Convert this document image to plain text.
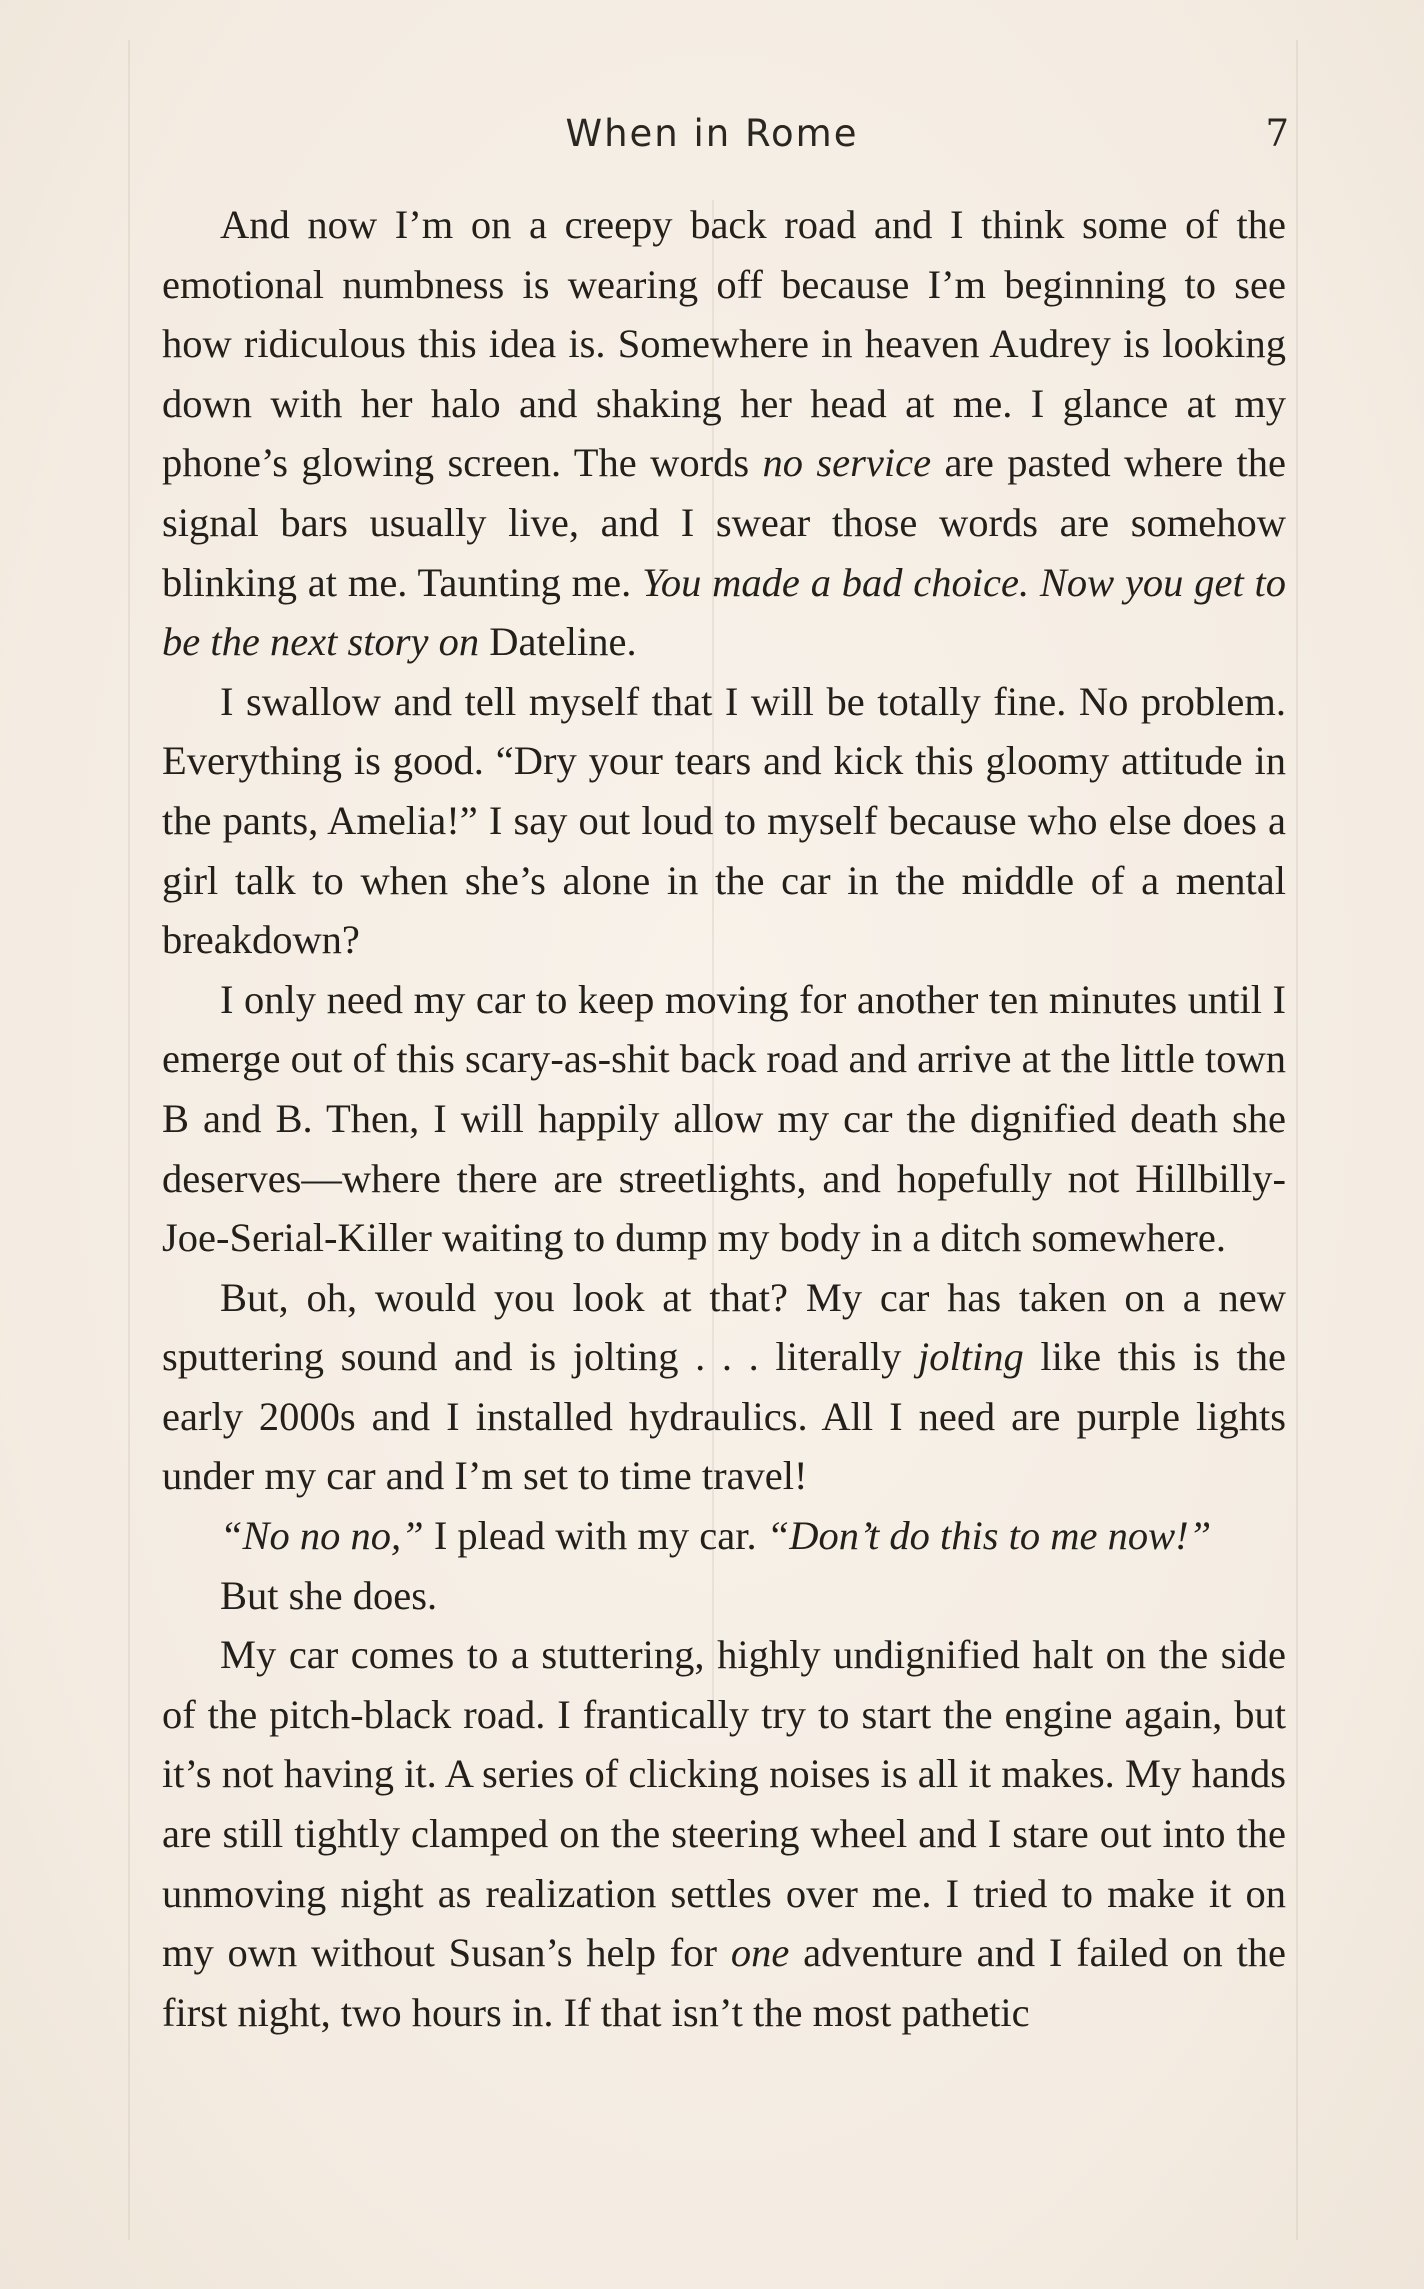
When in Rome	7

And now I’m on a creepy back road and I think some of the emotional numbness is wearing off because I’m beginning to see how ridiculous this idea is. Somewhere in heaven Audrey is looking down with her halo and shaking her head at me. I glance at my phone’s glowing screen. The words no service are pasted where the signal bars usually live, and I swear those words are somehow blinking at me. Taunting me. You made a bad choice. Now you get to be the next story on Dateline.

I swallow and tell myself that I will be totally fine. No problem. Everything is good. “Dry your tears and kick this gloomy attitude in the pants, Amelia!” I say out loud to myself because who else does a girl talk to when she’s alone in the car in the middle of a mental breakdown?

I only need my car to keep moving for another ten minutes until I emerge out of this scary-as-shit back road and arrive at the little town B and B. Then, I will happily allow my car the dignified death she deserves—where there are streetlights, and hopefully not Hillbilly-Joe-Serial-Killer waiting to dump my body in a ditch somewhere.

But, oh, would you look at that? My car has taken on a new sputtering sound and is jolting . . . literally jolting like this is the early 2000s and I installed hydraulics. All I need are purple lights under my car and I’m set to time travel!

“No no no,” I plead with my car. “Don’t do this to me now!”

But she does.

My car comes to a stuttering, highly undignified halt on the side of the pitch-black road. I frantically try to start the engine again, but it’s not having it. A series of clicking noises is all it makes. My hands are still tightly clamped on the steering wheel and I stare out into the unmoving night as realization settles over me. I tried to make it on my own without Susan’s help for one adventure and I failed on the first night, two hours in. If that isn’t the most pathetic
